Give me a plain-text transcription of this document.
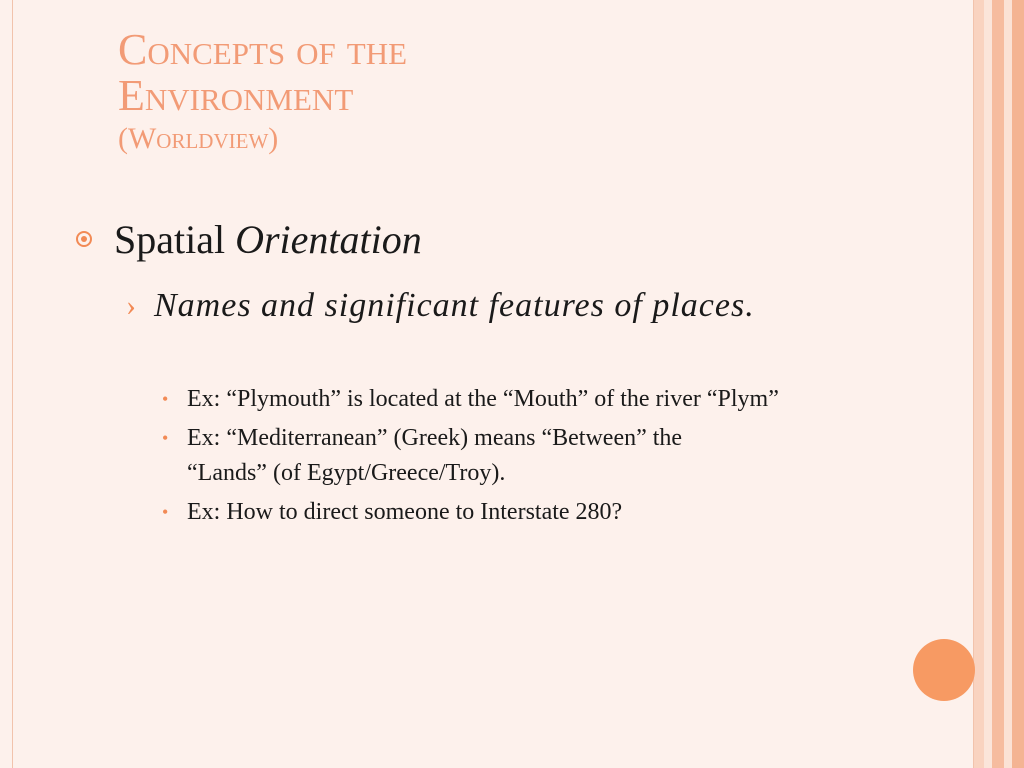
Concepts of the
Environment
(Worldview)
Spatial Orientation
› Names and significant features of places.
• Ex: “Plymouth” is located at the “Mouth” of the river “Plym”
• Ex: “Mediterranean” (Greek) means “Between” the “Lands” (of Egypt/Greece/Troy).
• Ex: How to direct someone to Interstate 280?
